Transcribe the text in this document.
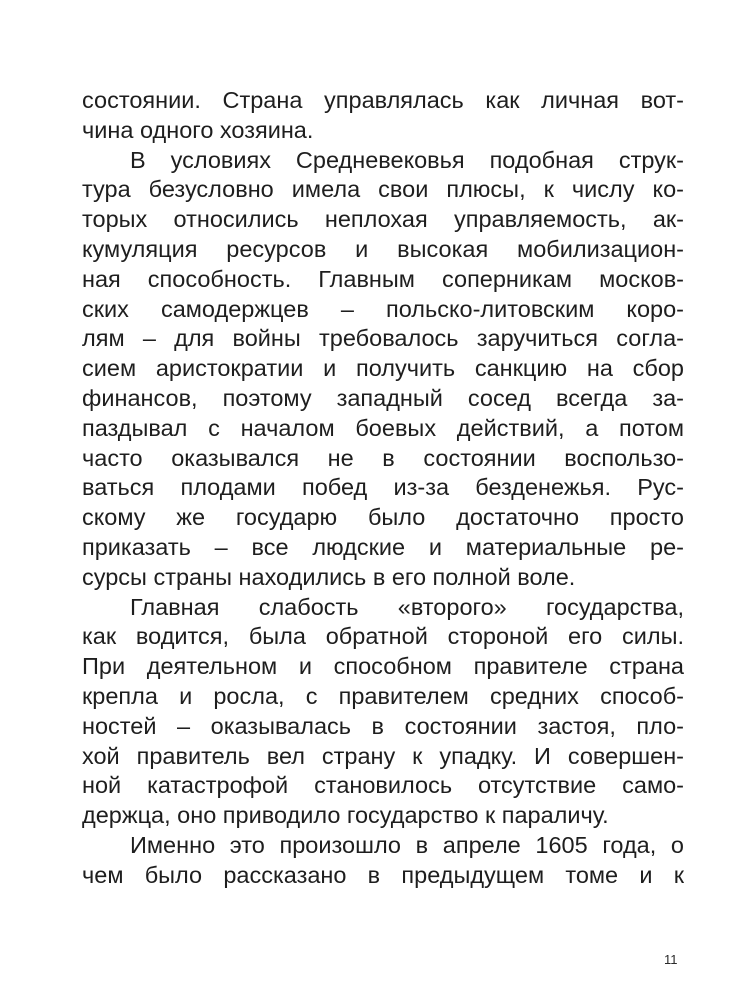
состоянии. Страна управлялась как личная вот-
чина одного хозяина.
В условиях Средневековья подобная струк-
тура безусловно имела свои плюсы, к числу ко-
торых относились неплохая управляемость, ак-
кумуляция ресурсов и высокая мобилизацион-
ная способность. Главным соперникам москов-
ских самодержцев – польско-литовским коро-
лям – для войны требовалось заручиться согла-
сием аристократии и получить санкцию на сбор
финансов, поэтому западный сосед всегда за-
паздывал с началом боевых действий, а потом
часто оказывался не в состоянии воспользо-
ваться плодами побед из-за безденежья. Рус-
скому же государю было достаточно просто
приказать – все людские и материальные ре-
сурсы страны находились в его полной воле.
Главная слабость «второго» государства,
как водится, была обратной стороной его силы.
При деятельном и способном правителе страна
крепла и росла, с правителем средних способ-
ностей – оказывалась в состоянии застоя, пло-
хой правитель вел страну к упадку. И совершен-
ной катастрофой становилось отсутствие само-
держца, оно приводило государство к параличу.
Именно это произошло в апреле 1605 года, о
чем было рассказано в предыдущем томе и к
11
